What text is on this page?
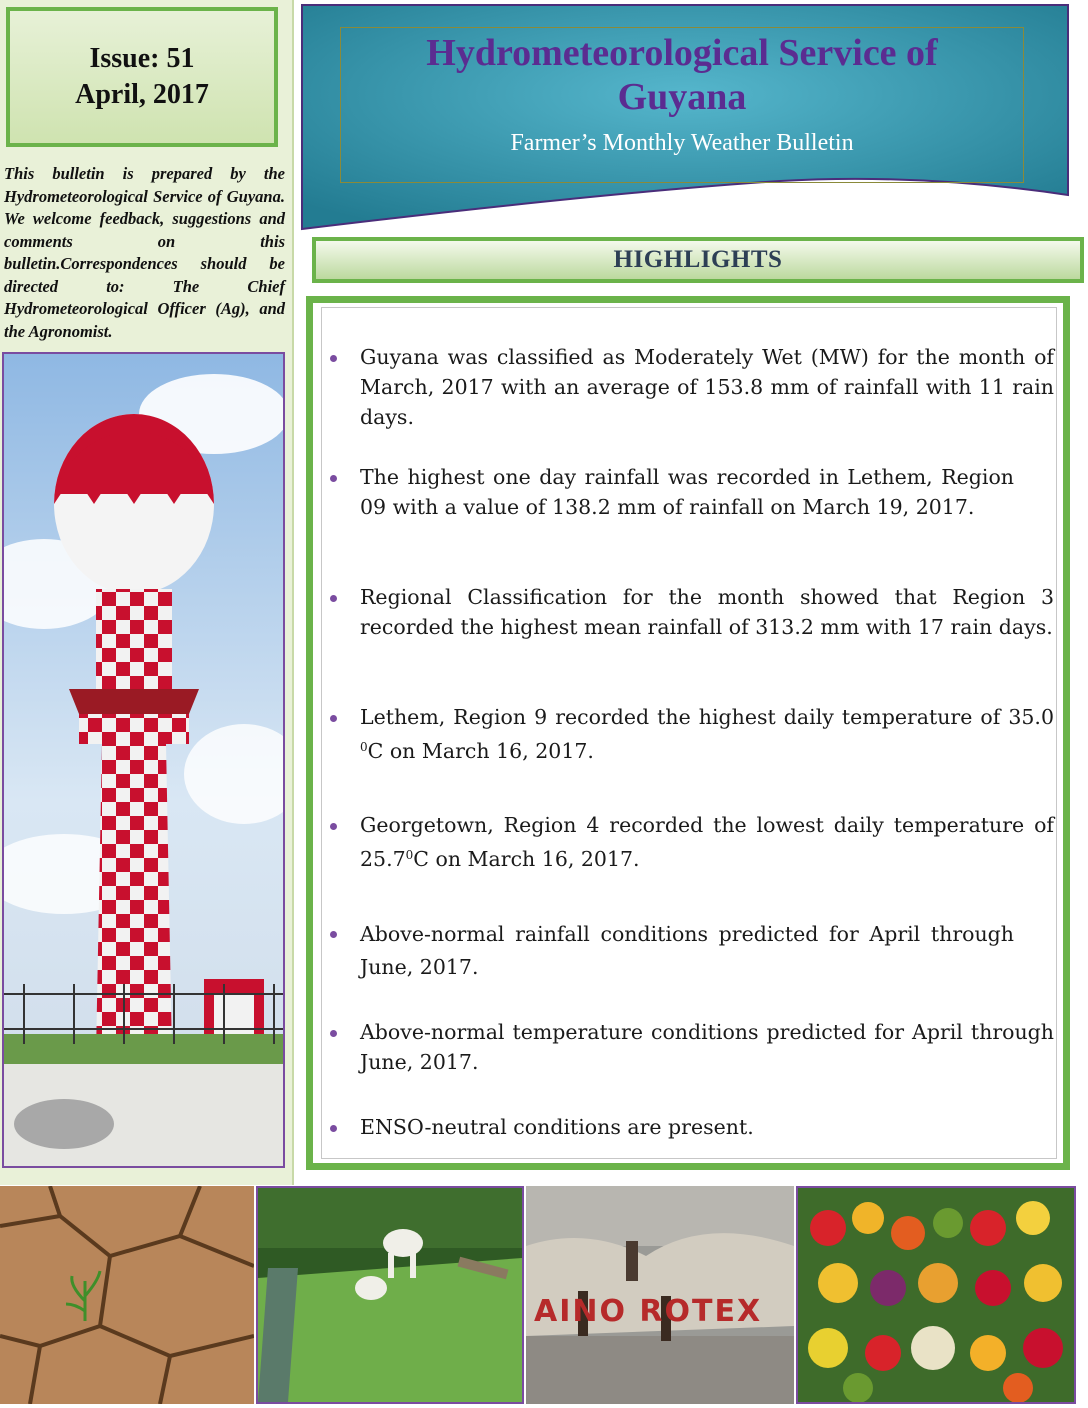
Issue: 51
April, 2017
This bulletin is prepared by the Hydrometeorological Service of Guyana. We welcome feedback, suggestions and comments on this bulletin.Correspondences should be directed to: The Chief Hydrometeorological Officer (Ag), and the Agronomist.
Hydrometeorological Service of
Guyana
Farmer’s Monthly Weather Bulletin
HIGHLIGHTS
Guyana was classified as Moderately Wet (MW) for the month of March, 2017 with an average of 153.8 mm of rainfall with 11 rain days.
The highest one day rainfall was recorded in Lethem, Region 09 with a value of 138.2 mm of rainfall on March 19, 2017.
Regional Classification for the month showed that Region 3 recorded the highest mean rainfall of 313.2 mm with 17 rain days.
Lethem, Region 9 recorded the highest daily temperature of 35.0 $^0$C on March 16, 2017.
Georgetown, Region 4 recorded the lowest daily temperature of 25.7$^0$C on March 16, 2017.
Above-normal rainfall conditions predicted for April through June, 2017.
Above-normal temperature conditions predicted for April through June, 2017.
ENSO-neutral conditions are present.
AINO ROTEX
